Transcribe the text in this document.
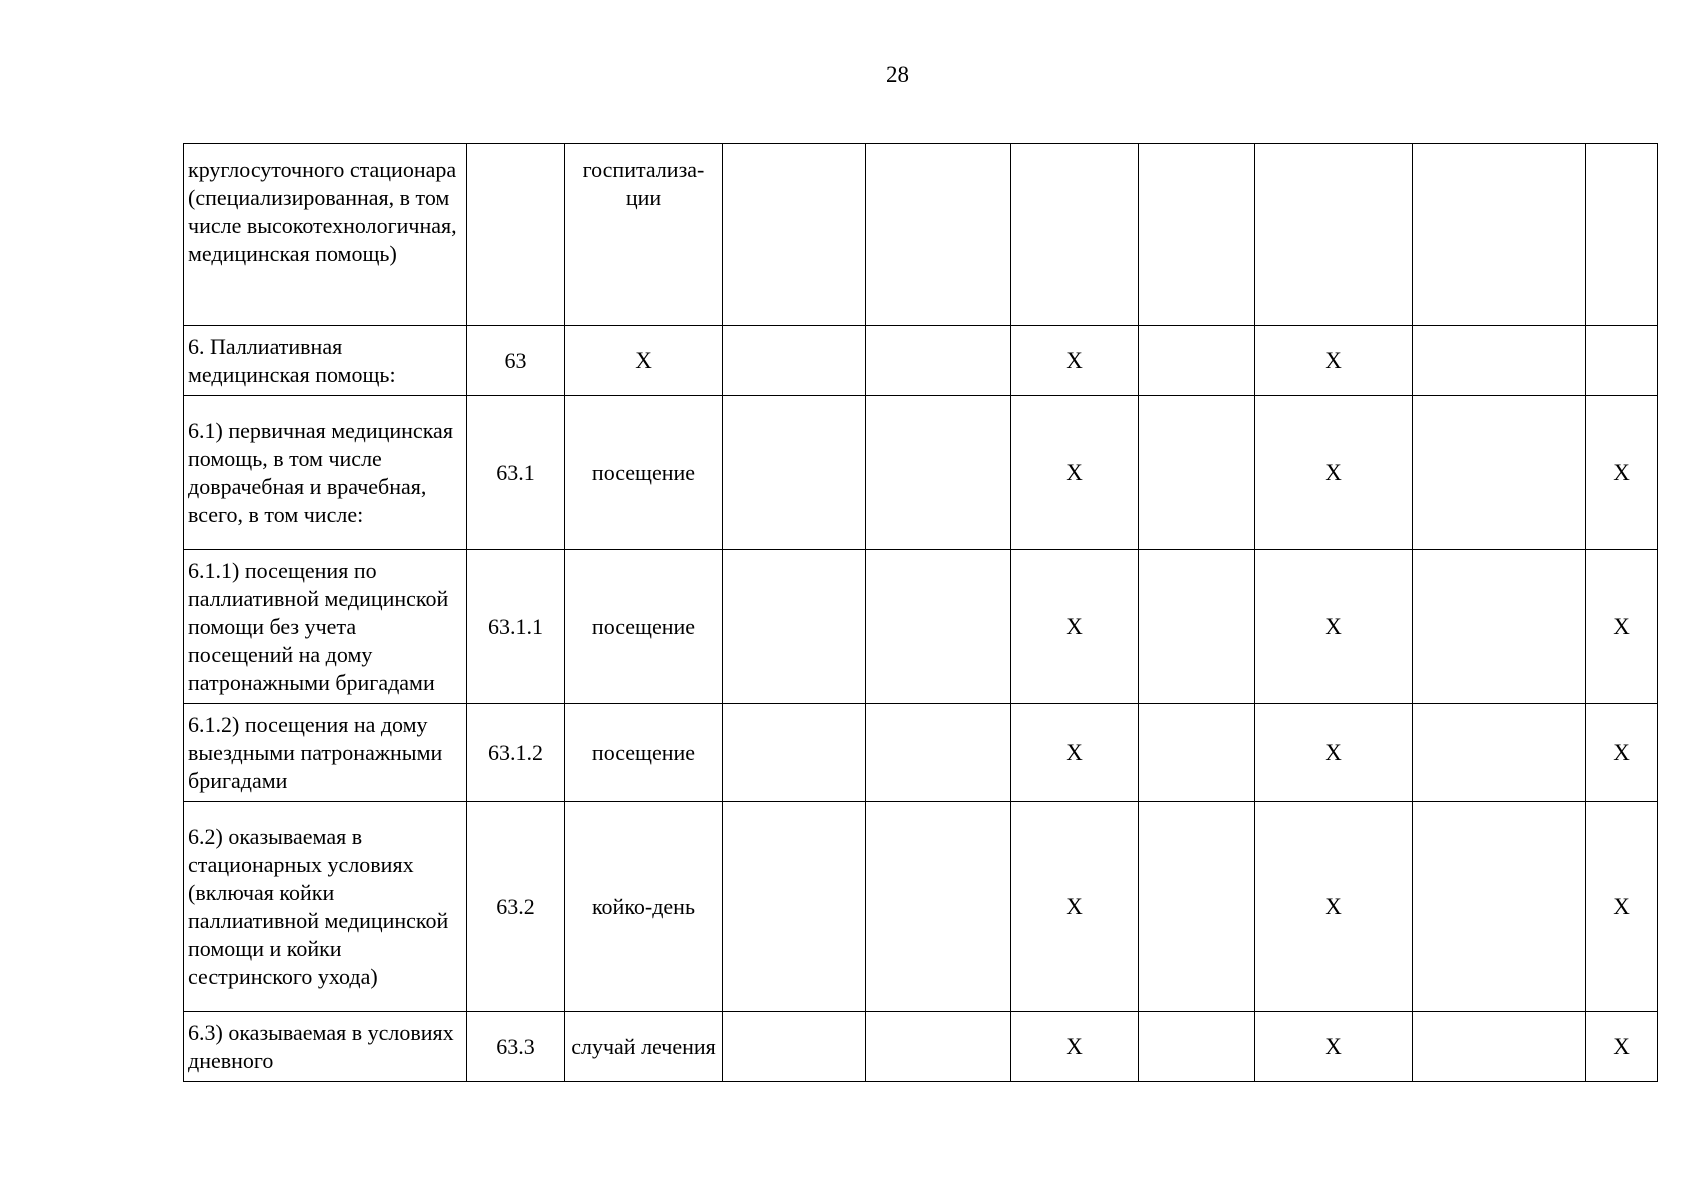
28
круглосуточного стационара (специализированная, в том числе высокотехнологичная, медицинская помощь)		госпитализа-ции							
6. Паллиативная медицинская помощь:	63	X			X		X		
6.1) первичная медицинская помощь, в том числе доврачебная и врачебная, всего, в том числе:	63.1	посещение			X		X		X
6.1.1) посещения по паллиативной медицинской помощи без учета посещений на дому патронажными бригадами	63.1.1	посещение			X		X		X
6.1.2) посещения на дому выездными патронажными бригадами	63.1.2	посещение			X		X		X
6.2) оказываемая в стационарных условиях (включая койки паллиативной медицинской помощи и койки сестринского ухода)	63.2	койко-день			X		X		X
6.3) оказываемая в условиях дневного	63.3	случай лечения			X		X		X
